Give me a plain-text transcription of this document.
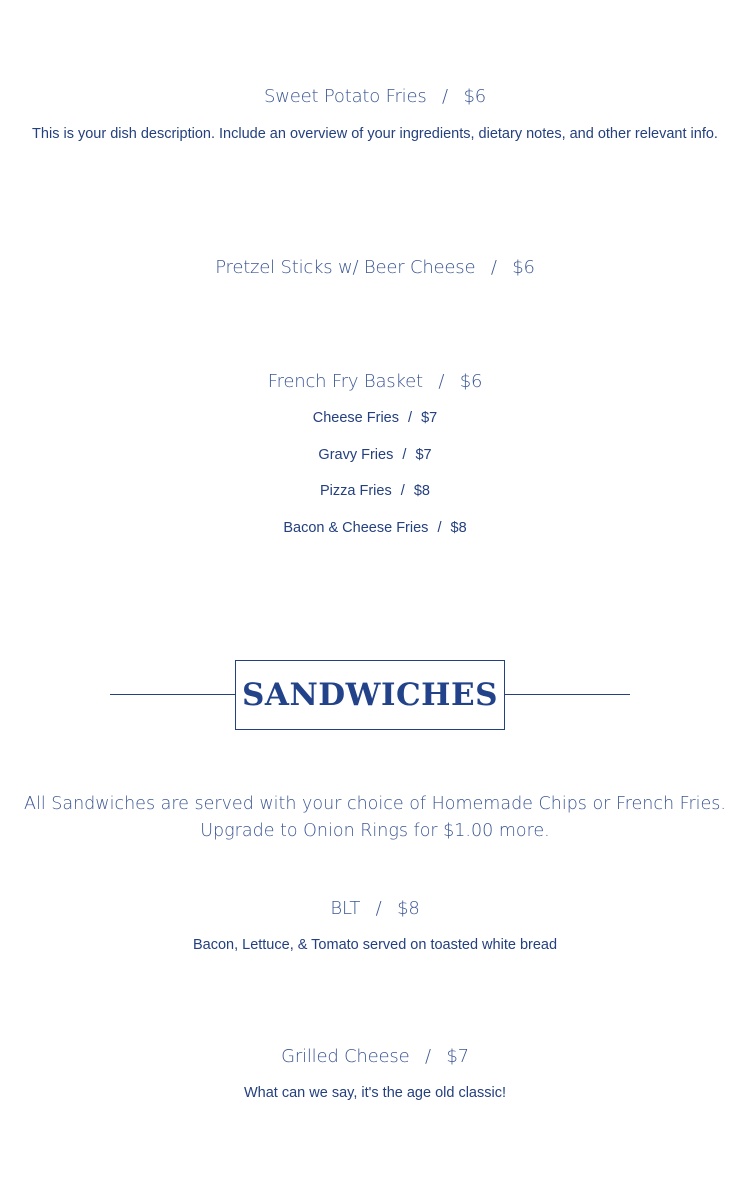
Sweet Potato Fries / $6
This is your dish description. Include an overview of your ingredients, dietary notes, and other relevant info.
Pretzel Sticks w/ Beer Cheese / $6
French Fry Basket / $6
Cheese Fries / $7
Gravy Fries / $7
Pizza Fries / $8
Bacon & Cheese Fries / $8
SANDWICHES
All Sandwiches are served with your choice of Homemade Chips or French Fries. Upgrade to Onion Rings for $1.00 more.
BLT / $8
Bacon, Lettuce, & Tomato served on toasted white bread
Grilled Cheese / $7
What can we say, it's the age old classic!
